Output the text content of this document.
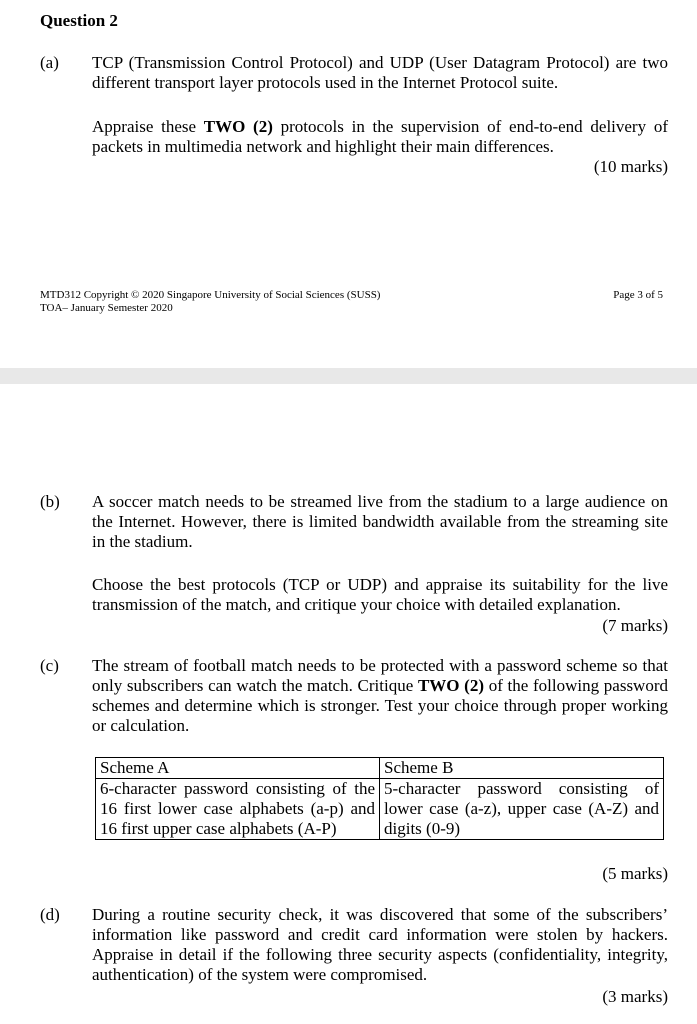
Question 2
(a) TCP (Transmission Control Protocol) and UDP (User Datagram Protocol) are two different transport layer protocols used in the Internet Protocol suite.
Appraise these TWO (2) protocols in the supervision of end-to-end delivery of packets in multimedia network and highlight their main differences.
(10 marks)
MTD312 Copyright © 2020 Singapore University of Social Sciences (SUSS)
TOA– January Semester 2020
Page 3 of 5
(b) A soccer match needs to be streamed live from the stadium to a large audience on the Internet. However, there is limited bandwidth available from the streaming site in the stadium.
Choose the best protocols (TCP or UDP) and appraise its suitability for the live transmission of the match, and critique your choice with detailed explanation.
(7 marks)
(c) The stream of football match needs to be protected with a password scheme so that only subscribers can watch the match. Critique TWO (2) of the following password schemes and determine which is stronger. Test your choice through proper working or calculation.
Scheme A	Scheme B
6-character password consisting of the 16 first lower case alphabets (a-p) and 16 first upper case alphabets (A-P)	5-character password consisting of lower case (a-z), upper case (A-Z) and digits (0-9)
(5 marks)
(d) During a routine security check, it was discovered that some of the subscribers’ information like password and credit card information were stolen by hackers. Appraise in detail if the following three security aspects (confidentiality, integrity, authentication) of the system were compromised.
(3 marks)
